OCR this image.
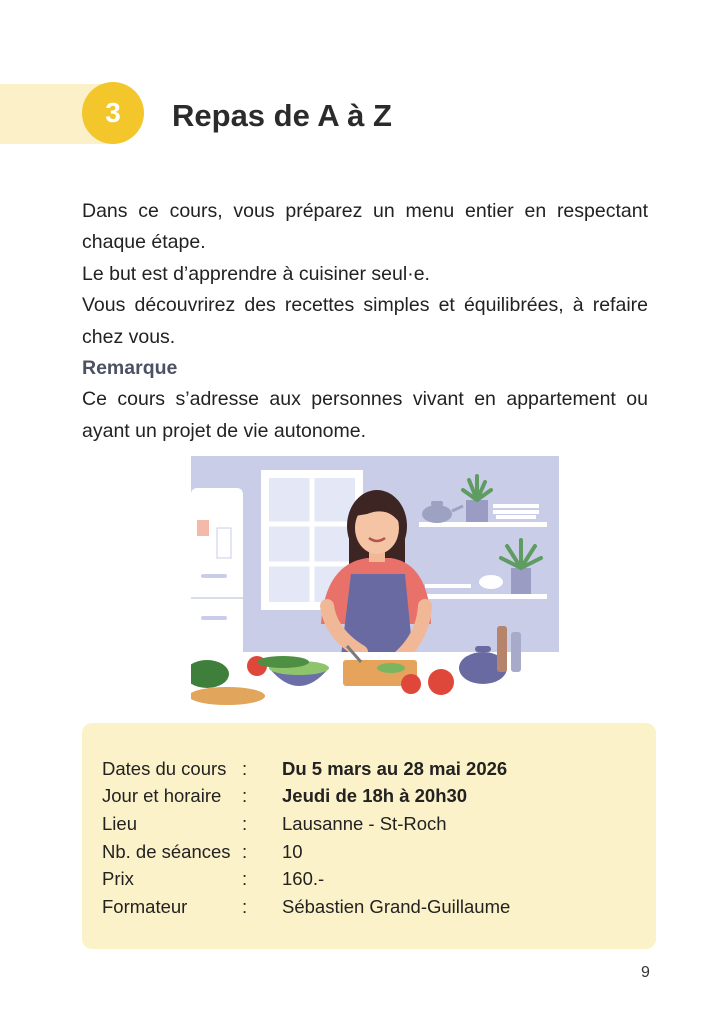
3	Repas de A à Z

Dans ce cours, vous préparez un menu entier en respectant chaque étape.

Le but est d’apprendre à cuisiner seul·e.

Vous découvrirez des recettes simples et équilibrées, à refaire chez vous.

Remarque

Ce cours s’adresse aux personnes vivant en appartement ou ayant un projet de vie autonome.

Dates du cours	:	Du 5 mars au 28 mai 2026
Jour et horaire	:	Jeudi de 18h à 20h30
Lieu	:	Lausanne - St-Roch
Nb. de séances	:	10
Prix	:	160.-
Formateur	:	Sébastien Grand-Guillaume
9
